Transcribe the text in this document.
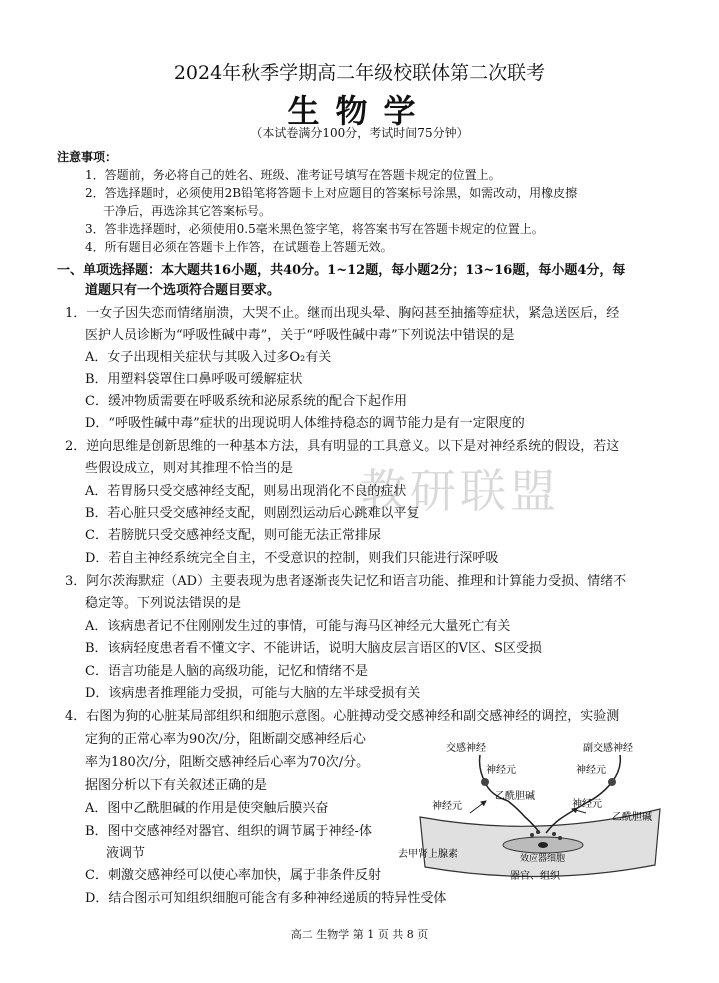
2024年秋季学期高二年级校联体第二次联考
生物学
（本试卷满分100分，考试时间75分钟）
注意事项：
1．答题前，务必将自己的姓名、班级、准考证号填写在答题卡规定的位置上。
2．答选择题时，必须使用2B铅笔将答题卡上对应题目的答案标号涂黑，如需改动，用橡皮擦
干净后，再选涂其它答案标号。
3．答非选择题时，必须使用0.5毫米黑色签字笔，将答案书写在答题卡规定的位置上。
4．所有题目必须在答题卡上作答，在试题卷上答题无效。
一、单项选择题：本大题共16小题，共40分。1~12题，每小题2分；13~16题，每小题4分，每
道题只有一个选项符合题目要求。
教研联盟
1．一女子因失恋而情绪崩溃，大哭不止。继而出现头晕、胸闷甚至抽搐等症状，紧急送医后，经
医护人员诊断为“呼吸性碱中毒”，关于“呼吸性碱中毒”下列说法中错误的是
A．女子出现相关症状与其吸入过多O₂有关
B．用塑料袋罩住口鼻呼吸可缓解症状
C．缓冲物质需要在呼吸系统和泌尿系统的配合下起作用
D．“呼吸性碱中毒”症状的出现说明人体维持稳态的调节能力是有一定限度的
2．逆向思维是创新思维的一种基本方法，具有明显的工具意义。以下是对神经系统的假设，若这
些假设成立，则对其推理不恰当的是
A．若胃肠只受交感神经支配，则易出现消化不良的症状
B．若心脏只受交感神经支配，则剧烈运动后心跳难以平复
C．若膀胱只受交感神经支配，则可能无法正常排尿
D．若自主神经系统完全自主，不受意识的控制，则我们只能进行深呼吸
3．阿尔茨海默症（AD）主要表现为患者逐渐丧失记忆和语言功能、推理和计算能力受损、情绪不
稳定等。下列说法错误的是
A．该病患者记不住刚刚发生过的事情，可能与海马区神经元大量死亡有关
B．该病轻度患者看不懂文字、不能讲话，说明大脑皮层言语区的V区、S区受损
C．语言功能是人脑的高级功能，记忆和情绪不是
D．该病患者推理能力受损，可能与大脑的左半球受损有关
4．右图为狗的心脏某局部组织和细胞示意图。心脏搏动受交感神经和副交感神经的调控，实验测
定狗的正常心率为90次/分，阻断副交感神经后心
率为180次/分，阻断交感神经后心率为70次/分。
据图分析以下有关叙述正确的是
A．图中乙酰胆碱的作用是使突触后膜兴奋
B．图中交感神经对器官、组织的调节属于神经-体
液调节
C．刺激交感神经可以使心率加快，属于非条件反射
D．结合图示可知组织细胞可能含有多种神经递质的特异性受体
交感神经	副交感神经
神经元	神经元
乙酰胆碱
神经元	神经元
乙酰胆碱
去甲肾上腺素	效应器细胞
器官、组织
高二 生物学 第 1 页 共 8 页
